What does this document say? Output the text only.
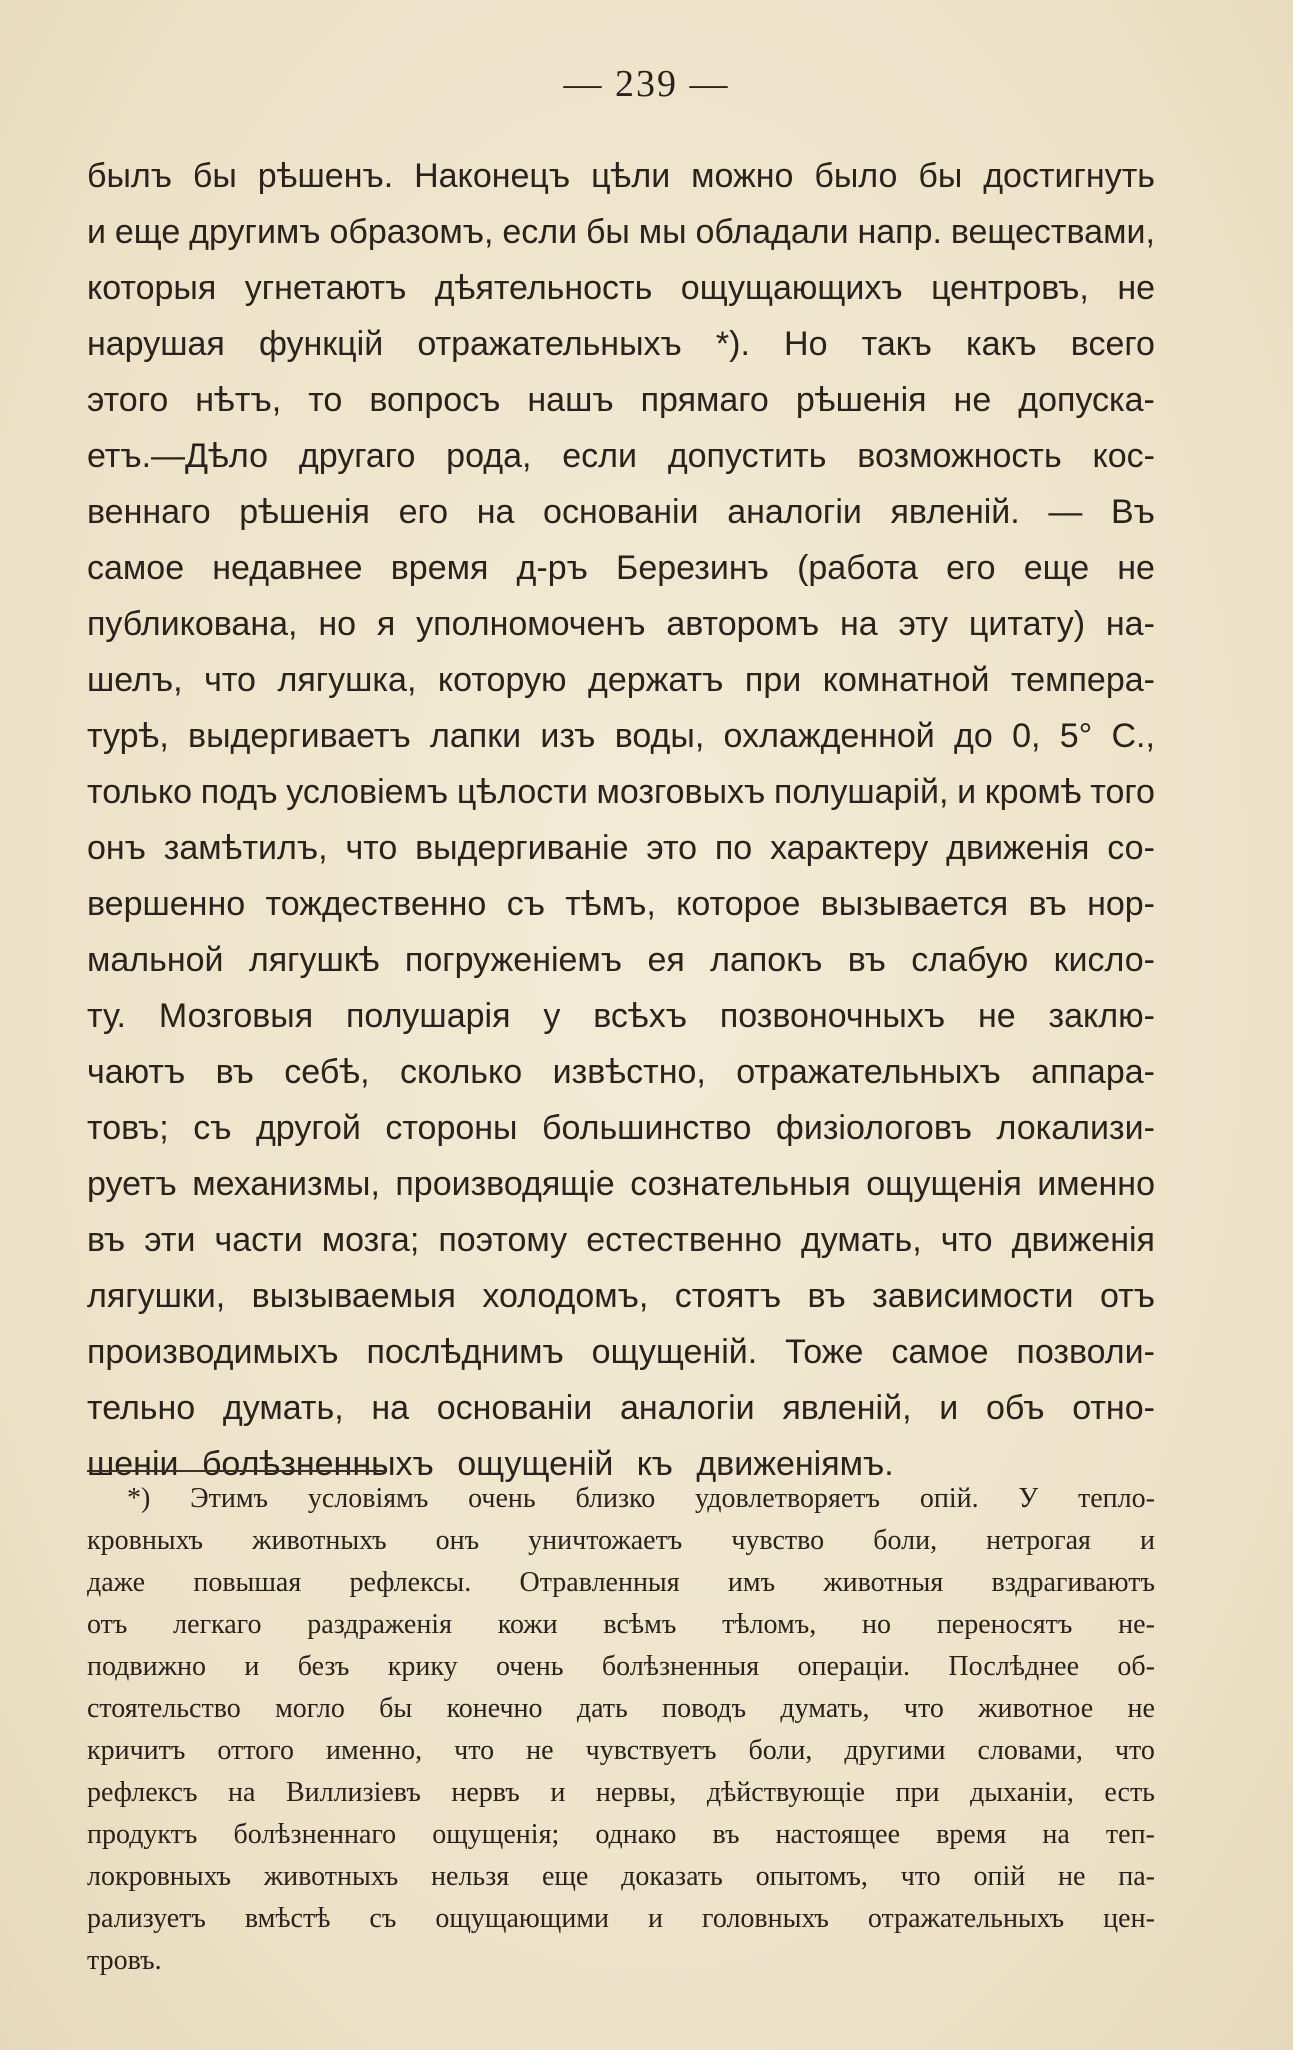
— 239 —

былъ бы рѣшенъ. Наконецъ цѣли можно было бы достигнуть
и еще другимъ образомъ, если бы мы обладали напр. веществами,
которыя угнетаютъ дѣятельность ощущающихъ центровъ, не
нарушая функцій отражательныхъ *). Но такъ какъ всего
этого нѣтъ, то вопросъ нашъ прямаго рѣшенія не допуска-
етъ.—Дѣло другаго рода, если допустить возможность кос-
веннаго рѣшенія его на основаніи аналогіи явленій. — Въ
самое недавнее время д-ръ Березинъ (работа его еще не
публикована, но я уполномоченъ авторомъ на эту цитату) на-
шелъ, что лягушка, которую держатъ при комнатной темпера-
турѣ, выдергиваетъ лапки изъ воды, охлажденной до 0, 5° С.,
только подъ условіемъ цѣлости мозговыхъ полушарій, и кромѣ того
онъ замѣтилъ, что выдергиваніе это по характеру движенія со-
вершенно тождественно съ тѣмъ, которое вызывается въ нор-
мальной лягушкѣ погруженіемъ ея лапокъ въ слабую кисло-
ту. Мозговыя полушарія у всѣхъ позвоночныхъ не заклю-
чаютъ въ себѣ, сколько извѣстно, отражательныхъ аппара-
товъ; съ другой стороны большинство физіологовъ локализи-
руетъ механизмы, производящіе сознательныя ощущенія именно
въ эти части мозга; поэтому естественно думать, что движенія
лягушки, вызываемыя холодомъ, стоятъ въ зависимости отъ
производимыхъ послѣднимъ ощущеній. Тоже самое позволи-
тельно думать, на основаніи аналогіи явленій, и объ отно-
шеніи болѣзненныхъ ощущеній къ движеніямъ.
*) Этимъ условіямъ очень близко удовлетворяетъ опій. У тепло-
кровныхъ животныхъ онъ уничтожаетъ чувство боли, нетрогая и
даже повышая рефлексы. Отравленныя имъ животныя вздрагиваютъ
отъ легкаго раздраженія кожи всѣмъ тѣломъ, но переносятъ не-
подвижно и безъ крику очень болѣзненныя операціи. Послѣднее об-
стоятельство могло бы конечно дать поводъ думать, что животное не
кричитъ оттого именно, что не чувствуетъ боли, другими словами, что
рефлексъ на Виллизіевъ нервъ и нервы, дѣйствующіе при дыханіи, есть
продуктъ болѣзненнаго ощущенія; однако въ настоящее время на теп-
локровныхъ животныхъ нельзя еще доказать опытомъ, что опій не па-
рализуетъ вмѣстѣ съ ощущающими и головныхъ отражательныхъ цен-
тровъ.
